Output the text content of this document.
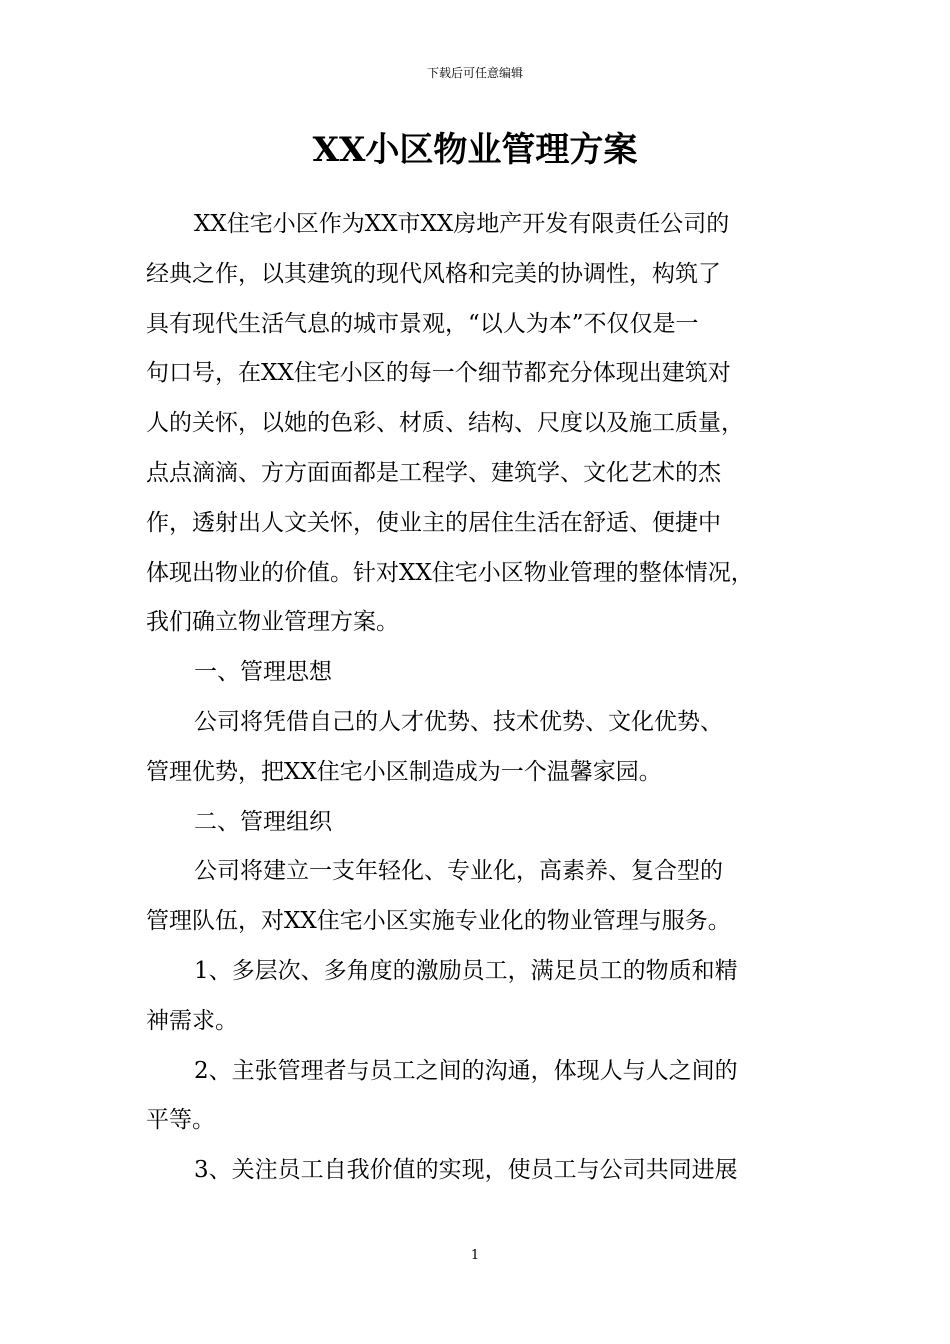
下载后可任意编辑
XX小区物业管理方案
XX住宅小区作为XX市XX房地产开发有限责任公司的
经典之作，以其建筑的现代风格和完美的协调性，构筑了
具有现代生活气息的城市景观，“以人为本”不仅仅是一
句口号，在XX住宅小区的每一个细节都充分体现出建筑对
人的关怀，以她的色彩、材质、结构、尺度以及施工质量，
点点滴滴、方方面面都是工程学、建筑学、文化艺术的杰
作，透射出人文关怀，使业主的居住生活在舒适、便捷中
体现出物业的价值。针对XX住宅小区物业管理的整体情况，
我们确立物业管理方案。
一、管理思想
公司将凭借自己的人才优势、技术优势、文化优势、
管理优势，把XX住宅小区制造成为一个温馨家园。
二、管理组织
公司将建立一支年轻化、专业化，高素养、复合型的
管理队伍，对XX住宅小区实施专业化的物业管理与服务。
1、多层次、多角度的激励员工，满足员工的物质和精
神需求。
2、主张管理者与员工之间的沟通，体现人与人之间的
平等。
3、关注员工自我价值的实现，使员工与公司共同进展
1
